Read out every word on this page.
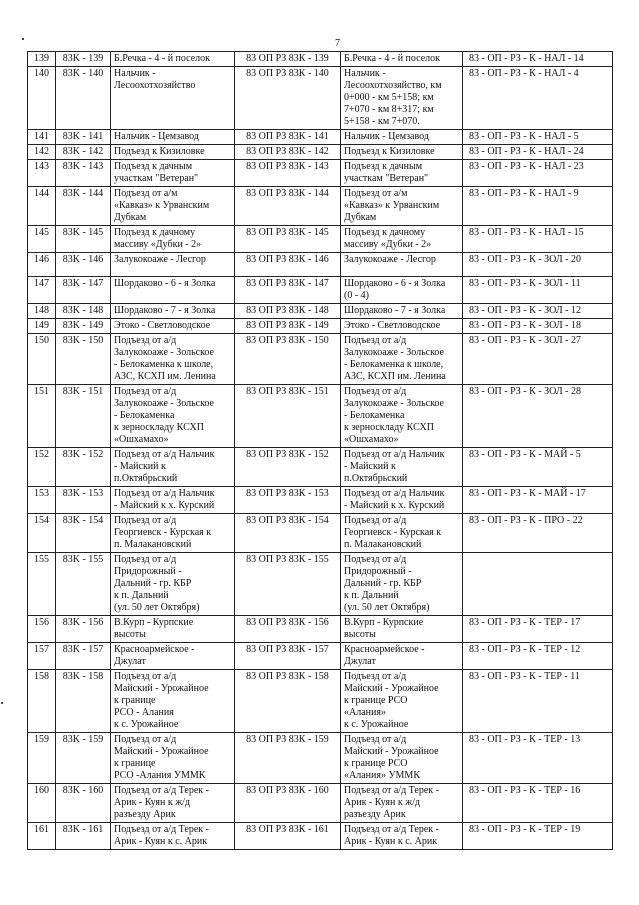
7
139	83K - 139	Б.Речка - 4 - й поселок	83 ОП РЗ 83К - 139	Б.Речка - 4 - й поселок	83 - ОП - РЗ - К - НАЛ - 14
140	83K - 140	Нальчик -
Лесоохотхозяйство	83 ОП РЗ 83К - 140	Нальчик -
Лесоохотхозяйство, км
0+000 - км 5+158; км
7+070 - км 8+317; км
5+158 - км 7+070.	83 - ОП - РЗ - К - НАЛ - 4
141	83K - 141	Нальчик - Цемзавод	83 ОП РЗ 83К - 141	Нальчик - Цемзавод	83 - ОП - РЗ - К - НАЛ - 5
142	83K - 142	Подъезд к Кизиловке	83 ОП РЗ 83К - 142	Подъезд к Кизиловке	83 - ОП - РЗ - К - НАЛ - 24
143	83K - 143	Подъезд к дачным
участкам "Ветеран"	83 ОП РЗ 83К - 143	Подъезд к дачным
участкам "Ветеран"	83 - ОП - РЗ - К - НАЛ - 23
144	83K - 144	Подъезд от а/м
«Кавказ» к Урванским
Дубкам	83 ОП РЗ 83К - 144	Подъезд от а/м
«Кавказ» к Урванским
Дубкам	83 - ОП - РЗ - К - НАЛ - 9
145	83K - 145	Подъезд к дачному
массиву «Дубки - 2»	83 ОП РЗ 83К - 145	Подъезд к дачному
массиву «Дубки - 2»	83 - ОП - РЗ - К - НАЛ - 15
146	83K - 146	Залукокоаже - Лесгор	83 ОП РЗ 83К - 146	Залукокоаже - Лесгор	83 - ОП - РЗ - К - ЗОЛ - 20
147	83K - 147	Шордаково - 6 - я Золка	83 ОП РЗ 83К - 147	Шордаково - 6 - я Золка
(0 - 4)	83 - ОП - РЗ - К - ЗОЛ - 11
148	83K - 148	Шордаково - 7 - я Золка	83 ОП РЗ 83К - 148	Шордаково - 7 - я Золка	83 - ОП - РЗ - К - ЗОЛ - 12
149	83K - 149	Этоко - Светловодское	83 ОП РЗ 83К - 149	Этоко - Светловодское	83 - ОП - РЗ - К - ЗОЛ - 18
150	83K - 150	Подъезд от а/д
Залукокоаже - Зольское
- Белокаменка к школе,
АЗС, КСХП им. Ленина	83 ОП РЗ 83К - 150	Подъезд от а/д
Залукокоаже - Зольское
- Белокаменка к школе,
АЗС, КСХП им. Ленина	83 - ОП - РЗ - К - ЗОЛ - 27
151	83K - 151	Подъезд от а/д
Залукокоаже - Зольское
- Белокаменка
к зерноскладу КСХП
«Ошхамахо»	83 ОП РЗ 83К - 151	Подъезд от а/д
Залукокоаже - Зольское
- Белокаменка
к зерноскладу КСХП
«Ошхамахо»	83 - ОП - РЗ - К - ЗОЛ - 28
152	83K - 152	Подъезд от а/д Нальчик
- Майский к
п.Октябрьский	83 ОП РЗ 83К - 152	Подъезд от а/д Нальчик
- Майский к
п.Октябрьский	83 - ОП - РЗ - К - МАЙ - 5
153	83K - 153	Подъезд от а/д Нальчик
- Майский к х. Курский	83 ОП РЗ 83К - 153	Подъезд от а/д Нальчик
- Майский к х. Курский	83 - ОП - РЗ - К - МАЙ - 17
154	83K - 154	Подъезд от а/д
Георгиевск - Курская к
п. Малакановский	83 ОП РЗ 83К - 154	Подъезд от а/д
Георгиевск - Курская к
п. Малакановский	83 - ОП - РЗ - К - ПРО - 22
155	83K - 155	Подъезд от а/д
Придорожный -
Дальний - гр. КБР
к п. Дальний
(ул. 50 лет Октября)	83 ОП РЗ 83К - 155	Подъезд от а/д
Придорожный -
Дальний - гр. КБР
к п. Дальний
(ул. 50 лет Октября)	
156	83K - 156	В.Курп - Курпские
высоты	83 ОП РЗ 83К - 156	В.Курп - Курпские
высоты	83 - ОП - РЗ - К - ТЕР - 17
157	83K - 157	Красноармейское -
Джулат	83 ОП РЗ 83К - 157	Красноармейское -
Джулат	83 - ОП - РЗ - К - ТЕР - 12
158	83K - 158	Подъезд от а/д
Майский - Урожайное
к границе
РСО - Алания
к с. Урожайное	83 ОП РЗ 83К - 158	Подъезд от а/д
Майский - Урожайное
к границе РСО
«Алания»
к с. Урожайное	83 - ОП - РЗ - К - ТЕР - 11
159	83K - 159	Подъезд от а/д
Майский - Урожайное
к границе
РСО -Алания УММК	83 ОП РЗ 83К - 159	Подъезд от а/д
Майский - Урожайное
к границе РСО
«Алания» УММК	83 - ОП - РЗ - К - ТЕР - 13
160	83K - 160	Подъезд от а/д Терек -
Арик - Куян к ж/д
разъезду Арик	83 ОП РЗ 83К - 160	Подъезд от а/д Терек -
Арик - Куян к ж/д
разъезду Арик	83 - ОП - РЗ - К - ТЕР - 16
161	83K - 161	Подъезд от а/д Терек -
Арик - Куян к с. Арик	83 ОП РЗ 83К - 161	Подъезд от а/д Терек -
Арик - Куян к с. Арик	83 - ОП - РЗ - К - ТЕР - 19
